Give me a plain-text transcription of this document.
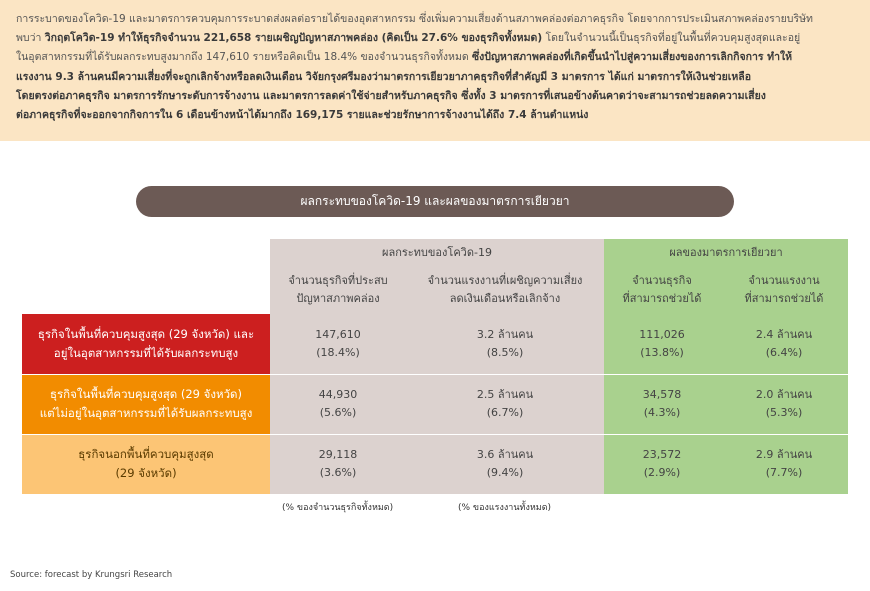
การระบาดของโควิด-19 และมาตรการควบคุมการระบาดส่งผลต่อรายได้ของอุตสาหกรรม ซึ่งเพิ่มความเสี่ยงด้านสภาพคล่องต่อภาคธุรกิจ โดยจากการประเมินสภาพคล่องรายบริษัท
พบว่า วิกฤตโควิด-19 ทำให้ธุรกิจจำนวน 221,658 รายเผชิญปัญหาสภาพคล่อง (คิดเป็น 27.6% ของธุรกิจทั้งหมด) โดยในจำนวนนี้เป็นธุรกิจที่อยู่ในพื้นที่ควบคุมสูงสุดและอยู่
ในอุตสาหกรรมที่ได้รับผลกระทบสูงมากถึง 147,610 รายหรือคิดเป็น 18.4% ของจำนวนธุรกิจทั้งหมด ซึ่งปัญหาสภาพคล่องที่เกิดขึ้นนำไปสู่ความเสี่ยงของการเลิกกิจการ ทำให้
แรงงาน 9.3 ล้านคนมีความเสี่ยงที่จะถูกเลิกจ้างหรือลดเงินเดือน วิจัยกรุงศรีมองว่ามาตรการเยียวยาภาคธุรกิจที่สำคัญมี 3 มาตรการ ได้แก่ มาตรการให้เงินช่วยเหลือ
โดยตรงต่อภาคธุรกิจ มาตรการรักษาระดับการจ้างงาน และมาตรการลดค่าใช้จ่ายสำหรับภาคธุรกิจ ซึ่งทั้ง 3 มาตรการที่เสนอข้างต้นคาดว่าจะสามารถช่วยลดความเสี่ยง
ต่อภาคธุรกิจที่จะออกจากกิจการใน 6 เดือนข้างหน้าได้มากถึง 169,175 รายและช่วยรักษาการจ้างงานได้ถึง 7.4 ล้านตำแหน่ง

ผลกระทบของโควิด-19 และผลของมาตรการเยียวยา
ผลกระทบของโควิด-19	ผลของมาตรการเยียวยา
จำนวนธุรกิจที่ประสบ
ปัญหาสภาพคล่อง
จำนวนแรงงานที่เผชิญความเสี่ยง
ลดเงินเดือนหรือเลิกจ้าง
จำนวนธุรกิจ
ที่สามารถช่วยได้
จำนวนแรงงาน
ที่สามารถช่วยได้
ธุรกิจในพื้นที่ควบคุมสูงสุด (29 จังหวัด) และ
อยู่ในอุตสาหกรรมที่ได้รับผลกระทบสูง
147,610
(18.4%)
3.2 ล้านคน
(8.5%)
111,026
(13.8%)
2.4 ล้านคน
(6.4%)
ธุรกิจในพื้นที่ควบคุมสูงสุด (29 จังหวัด)
แต่ไม่อยู่ในอุตสาหกรรมที่ได้รับผลกระทบสูง
44,930
(5.6%)
2.5 ล้านคน
(6.7%)
34,578
(4.3%)
2.0 ล้านคน
(5.3%)
ธุรกิจนอกพื้นที่ควบคุมสูงสุด
(29 จังหวัด)
29,118
(3.6%)
3.6 ล้านคน
(9.4%)
23,572
(2.9%)
2.9 ล้านคน
(7.7%)
(% ของจำนวนธุรกิจทั้งหมด)	(% ของแรงงานทั้งหมด)
Source: forecast by Krungsri Research
